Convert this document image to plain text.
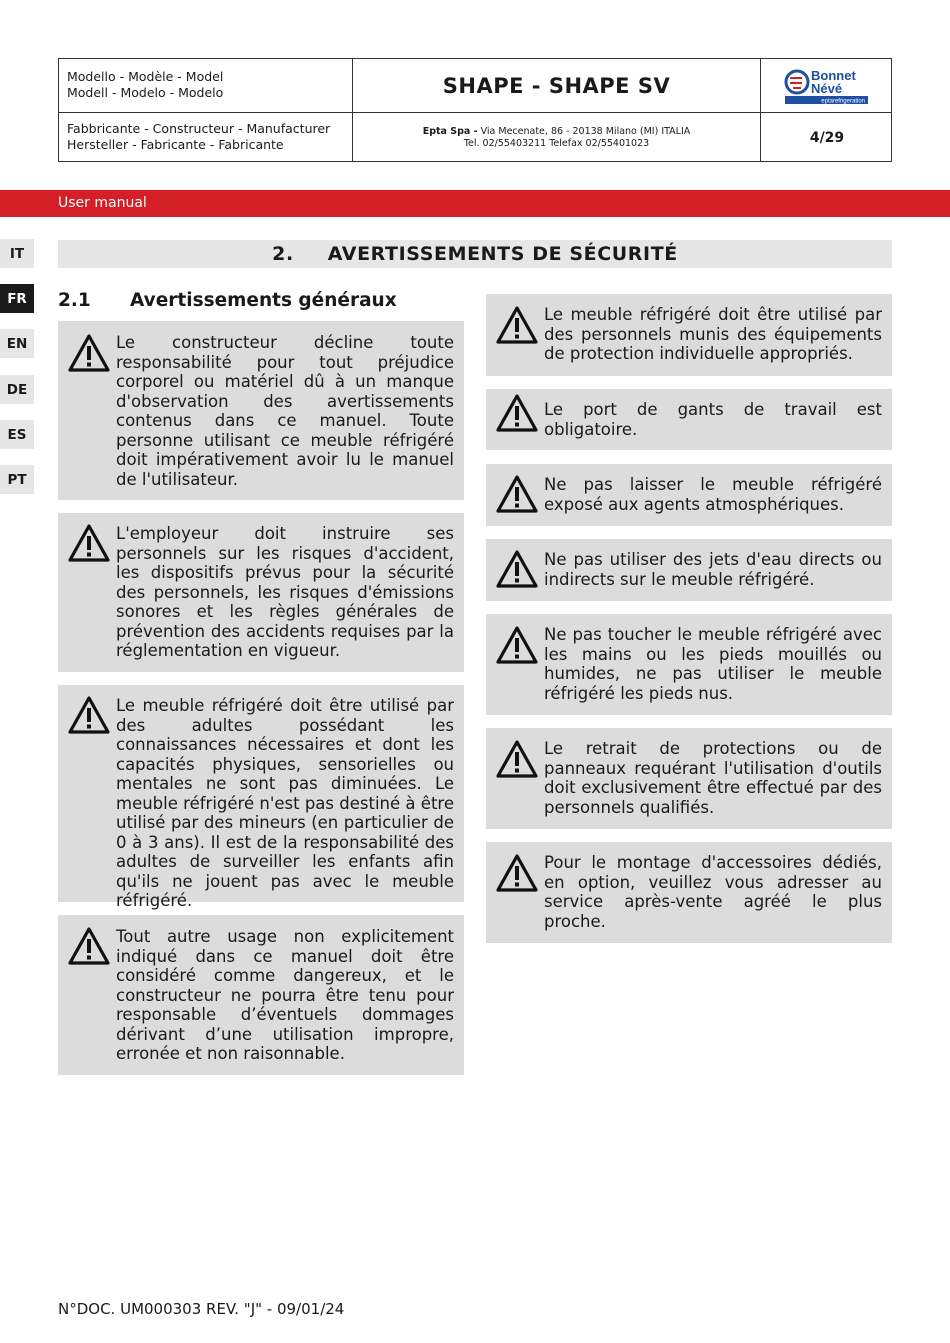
Modello - Modèle - Model
Modell - Modelo - Modelo	SHAPE - SHAPE SV	Bonnet
Névé
eptarefrigeration
Fabbricante - Constructeur - Manufacturer
Hersteller - Fabricante - Fabricante
Epta Spa - Via Mecenate, 86 - 20138 Milano (MI) ITALIA
Tel. 02/55403211 Telefax 02/55401023	4/29
User manual
IT
FR
EN
DE
ES
PT
2. AVERTISSEMENTS DE SÉCURITÉ
2.1 Avertissements généraux
Le constructeur décline toute responsabilité pour tout préjudice corporel ou matériel dû à un manque d'observation des avertissements contenus dans ce manuel. Toute personne utilisant ce meuble réfrigéré doit impérativement avoir lu le manuel de l'utilisateur.
L'employeur doit instruire ses personnels sur les risques d'accident, les dispositifs prévus pour la sécurité des personnels, les risques d'émissions sonores et les règles générales de prévention des accidents requises par la réglementation en vigueur.
Le meuble réfrigéré doit être utilisé par des adultes possédant les connaissances nécessaires et dont les capacités physiques, sensorielles ou mentales ne sont pas diminuées. Le meuble réfrigéré n'est pas destiné à être utilisé par des mineurs (en particulier de 0 à 3 ans). Il est de la responsabilité des adultes de surveiller les enfants afin qu'ils ne jouent pas avec le meuble réfrigéré.
Tout autre usage non explicitement indiqué dans ce manuel doit être considéré comme dangereux, et le constructeur ne pourra être tenu pour responsable d’éventuels dommages dérivant d’une utilisation impropre, erronée et non raisonnable.
Le meuble réfrigéré doit être utilisé par des personnels munis des équipements de protection individuelle appropriés.
Le port de gants de travail est obligatoire.
Ne pas laisser le meuble réfrigéré exposé aux agents atmosphériques.
Ne pas utiliser des jets d'eau directs ou indirects sur le meuble réfrigéré.
Ne pas toucher le meuble réfrigéré avec les mains ou les pieds mouillés ou humides, ne pas utiliser le meuble réfrigéré les pieds nus.
Le retrait de protections ou de panneaux requérant l'utilisation d'outils doit exclusivement être effectué par des personnels qualifiés.
Pour le montage d'accessoires dédiés, en option, veuillez vous adresser au service après-vente agréé le plus proche.
N°DOC. UM000303 REV. "J" - 09/01/24
